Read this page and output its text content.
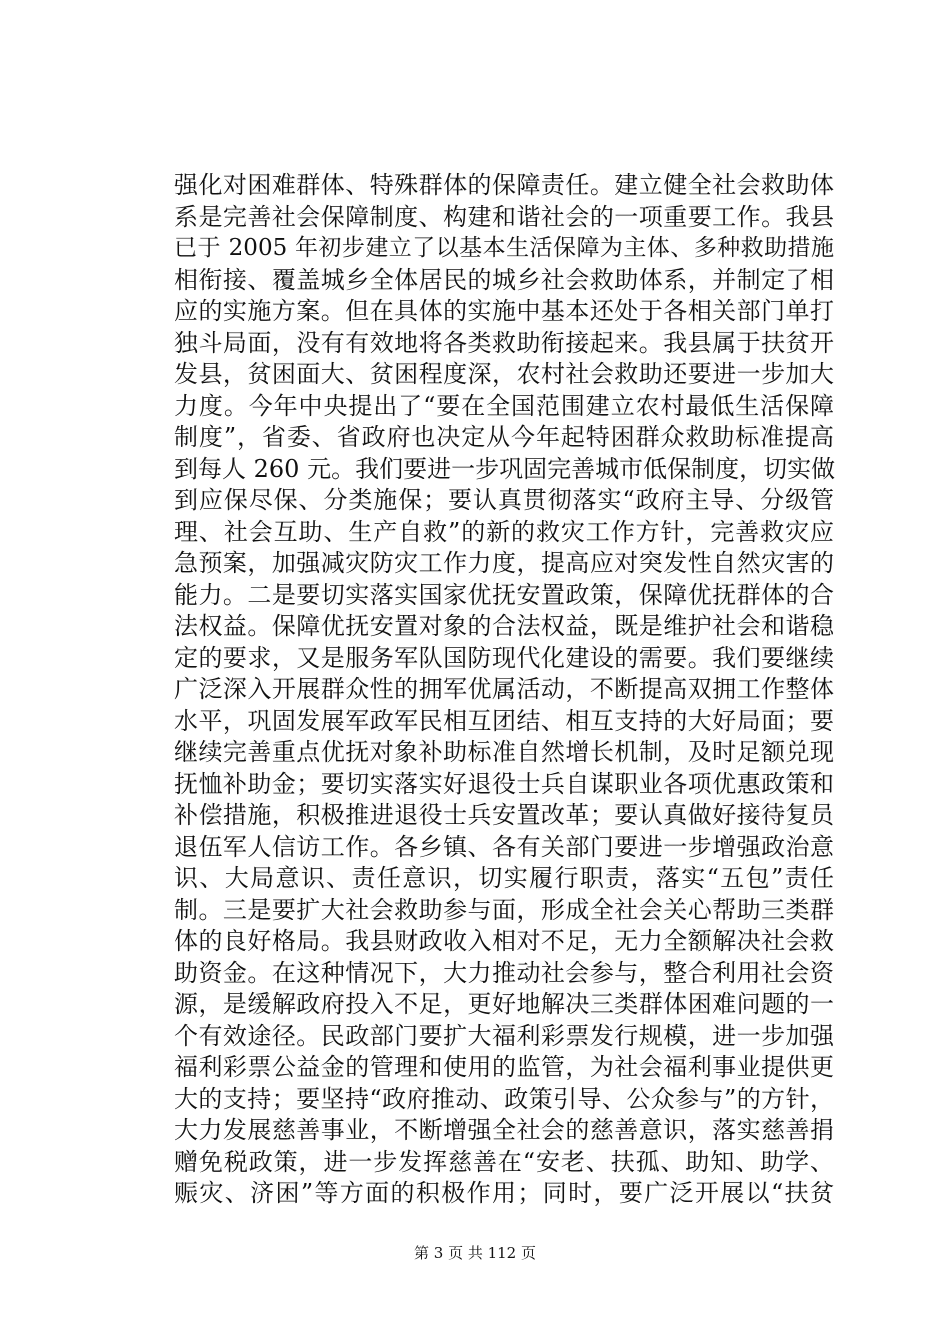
强化对困难群体、特殊群体的保障责任。建立健全社会救助体
系是完善社会保障制度、构建和谐社会的一项重要工作。我县
已于 2005 年初步建立了以基本生活保障为主体、多种救助措施
相衔接、覆盖城乡全体居民的城乡社会救助体系，并制定了相
应的实施方案。但在具体的实施中基本还处于各相关部门单打
独斗局面，没有有效地将各类救助衔接起来。我县属于扶贫开
发县，贫困面大、贫困程度深，农村社会救助还要进一步加大
力度。今年中央提出了“要在全国范围建立农村最低生活保障
制度”，省委、省政府也决定从今年起特困群众救助标准提高
到每人 260 元。我们要进一步巩固完善城市低保制度，切实做
到应保尽保、分类施保；要认真贯彻落实“政府主导、分级管
理、社会互助、生产自救”的新的救灾工作方针，完善救灾应
急预案，加强减灾防灾工作力度，提高应对突发性自然灾害的
能力。二是要切实落实国家优抚安置政策，保障优抚群体的合
法权益。保障优抚安置对象的合法权益，既是维护社会和谐稳
定的要求，又是服务军队国防现代化建设的需要。我们要继续
广泛深入开展群众性的拥军优属活动，不断提高双拥工作整体
水平，巩固发展军政军民相互团结、相互支持的大好局面；要
继续完善重点优抚对象补助标准自然增长机制，及时足额兑现
抚恤补助金；要切实落实好退役士兵自谋职业各项优惠政策和
补偿措施，积极推进退役士兵安置改革；要认真做好接待复员
退伍军人信访工作。各乡镇、各有关部门要进一步增强政治意
识、大局意识、责任意识，切实履行职责，落实“五包”责任
制。三是要扩大社会救助参与面，形成全社会关心帮助三类群
体的良好格局。我县财政收入相对不足，无力全额解决社会救
助资金。在这种情况下，大力推动社会参与，整合利用社会资
源，是缓解政府投入不足，更好地解决三类群体困难问题的一
个有效途径。民政部门要扩大福利彩票发行规模，进一步加强
福利彩票公益金的管理和使用的监管，为社会福利事业提供更
大的支持；要坚持“政府推动、政策引导、公众参与”的方针，
大力发展慈善事业，不断增强全社会的慈善意识，落实慈善捐
赠免税政策，进一步发挥慈善在“安老、扶孤、助知、助学、
赈灾、济困”等方面的积极作用；同时，要广泛开展以“扶贫
第 3 页 共 112 页
